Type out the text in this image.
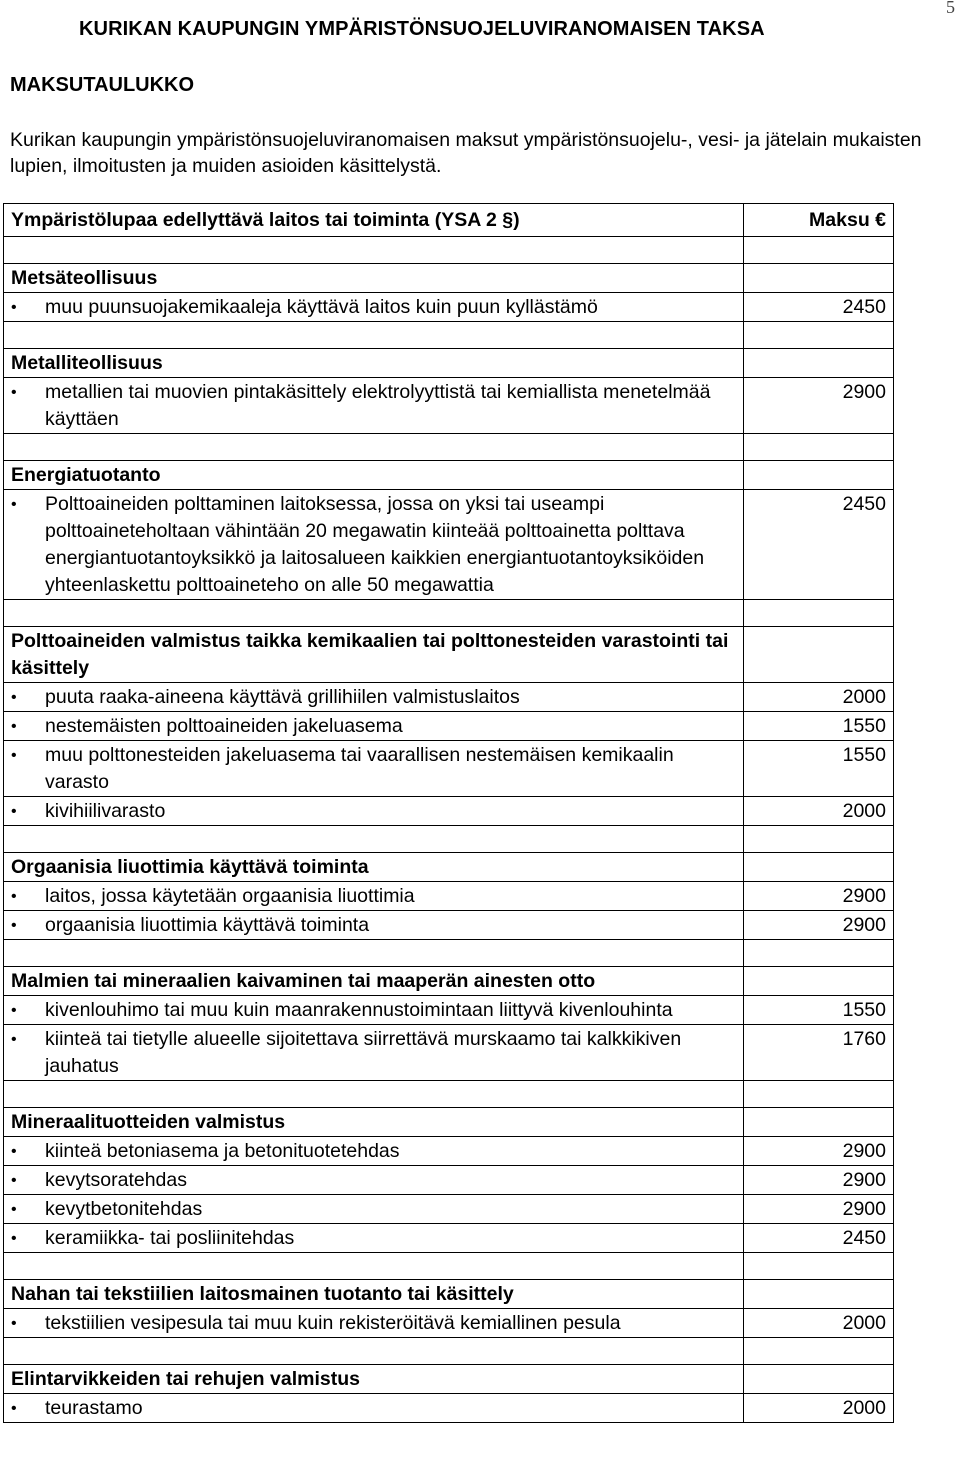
5
KURIKAN KAUPUNGIN YMPÄRISTÖNSUOJELUVIRANOMAISEN TAKSA
MAKSUTAULUKKO
Kurikan kaupungin ympäristönsuojeluviranomaisen maksut ympäristönsuojelu-, vesi- ja jätelain mukaisten lupien, ilmoitusten ja muiden asioiden käsittelystä.
Ympäristölupaa edellyttävä laitos tai toiminta (YSA 2 §)	Maksu €

Metsäteollisuus	

• muu puunsuojakemikaaleja käyttävä laitos kuin puun kyllästämö	2450

Metalliteollisuus	

• metallien tai muovien pintakäsittely elektrolyyttistä tai kemiallista menetelmää käyttäen	2900

Energiatuotanto	

• Polttoaineiden polttaminen laitoksessa, jossa on yksi tai useampi polttoaineteholtaan vähintään 20 megawatin kiinteää polttoainetta polttava energiantuotantoyksikkö ja laitosalueen kaikkien energiantuotantoyksiköiden yhteenlaskettu polttoaineteho on alle 50 megawattia	2450

Polttoaineiden valmistus taikka kemikaalien tai polttonesteiden varastointi tai käsittely	

• puuta raaka-aineena käyttävä grillihiilen valmistuslaitos	2000

• nestemäisten polttoaineiden jakeluasema	1550

• muu polttonesteiden jakeluasema tai vaarallisen nestemäisen kemikaalin varasto	1550

• kivihiilivarasto	2000

Orgaanisia liuottimia käyttävä toiminta	

• laitos, jossa käytetään orgaanisia liuottimia	2900

• orgaanisia liuottimia käyttävä toiminta	2900

Malmien tai mineraalien kaivaminen tai maaperän ainesten otto	

• kivenlouhimo tai muu kuin maanrakennustoimintaan liittyvä kivenlouhinta	1550

• kiinteä tai tietylle alueelle sijoitettava siirrettävä murskaamo tai kalkkikiven jauhatus	1760

Mineraalituotteiden valmistus	

• kiinteä betoniasema ja betonituotetehdas	2900

• kevytsoratehdas	2900

• kevytbetonitehdas	2900

• keramiikka- tai posliinitehdas	2450

Nahan tai tekstiilien laitosmainen tuotanto tai käsittely	

• tekstiilien vesipesula tai muu kuin rekisteröitävä kemiallinen pesula	2000

Elintarvikkeiden tai rehujen valmistus	

• teurastamo	2000
